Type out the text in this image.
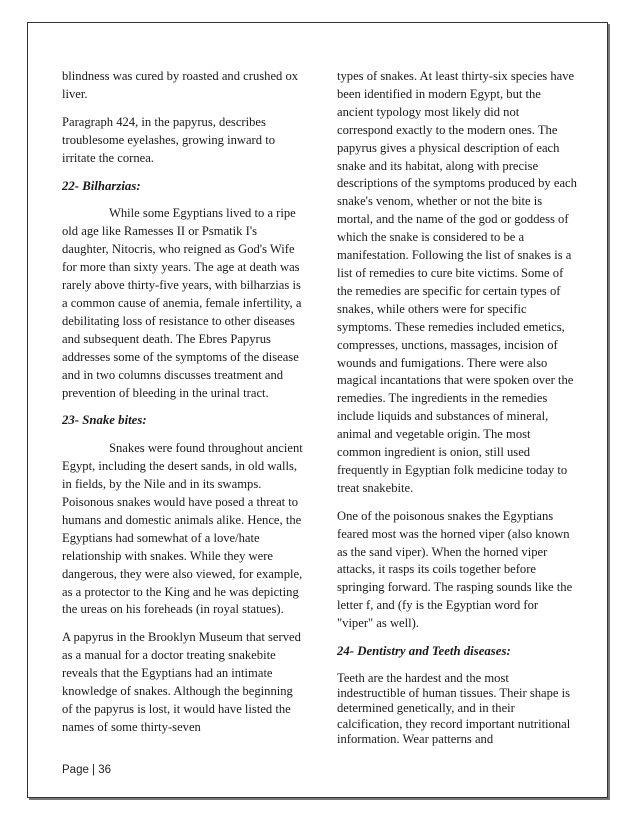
blindness was cured by roasted and crushed ox liver.

Paragraph 424, in the papyrus, describes troublesome eyelashes, growing inward to irritate the cornea.

22- Bilharzias:

While some Egyptians lived to a ripe old age like Ramesses II or Psmatik I's daughter, Nitocris, who reigned as God's Wife for more than sixty years. The age at death was rarely above thirty-five years, with bilharzias is a common cause of anemia, female infertility, a debilitating loss of resistance to other diseases and subsequent death. The Ebres Papyrus addresses some of the symptoms of the disease and in two columns discusses treatment and prevention of bleeding in the urinal tract.

23- Snake bites:

Snakes were found throughout ancient Egypt, including the desert sands, in old walls, in fields, by the Nile and in its swamps. Poisonous snakes would have posed a threat to humans and domestic animals alike. Hence, the Egyptians had somewhat of a love/hate relationship with snakes. While they were dangerous, they were also viewed, for example, as a protector to the King and he was depicting the ureas on his foreheads (in royal statues).

A papyrus in the Brooklyn Museum that served as a manual for a doctor treating snakebite reveals that the Egyptians had an intimate knowledge of snakes. Although the beginning of the papyrus is lost, it would have listed the names of some thirty-seven

types of snakes. At least thirty-six species have been identified in modern Egypt, but the ancient typology most likely did not correspond exactly to the modern ones. The papyrus gives a physical description of each snake and its habitat, along with precise descriptions of the symptoms produced by each snake's venom, whether or not the bite is mortal, and the name of the god or goddess of which the snake is considered to be a manifestation. Following the list of snakes is a list of remedies to cure bite victims. Some of the remedies are specific for certain types of snakes, while others were for specific symptoms. These remedies included emetics, compresses, unctions, massages, incision of wounds and fumigations. There were also magical incantations that were spoken over the remedies. The ingredients in the remedies include liquids and substances of mineral, animal and vegetable origin. The most common ingredient is onion, still used frequently in Egyptian folk medicine today to treat snakebite.

One of the poisonous snakes the Egyptians feared most was the horned viper (also known as the sand viper). When the horned viper attacks, it rasps its coils together before springing forward. The rasping sounds like the letter f, and (fy is the Egyptian word for "viper" as well).

24- Dentistry and Teeth diseases:

Teeth are the hardest and the most indestructible of human tissues. Their shape is determined genetically, and in their calcification, they record important nutritional information. Wear patterns and

Page | 36
